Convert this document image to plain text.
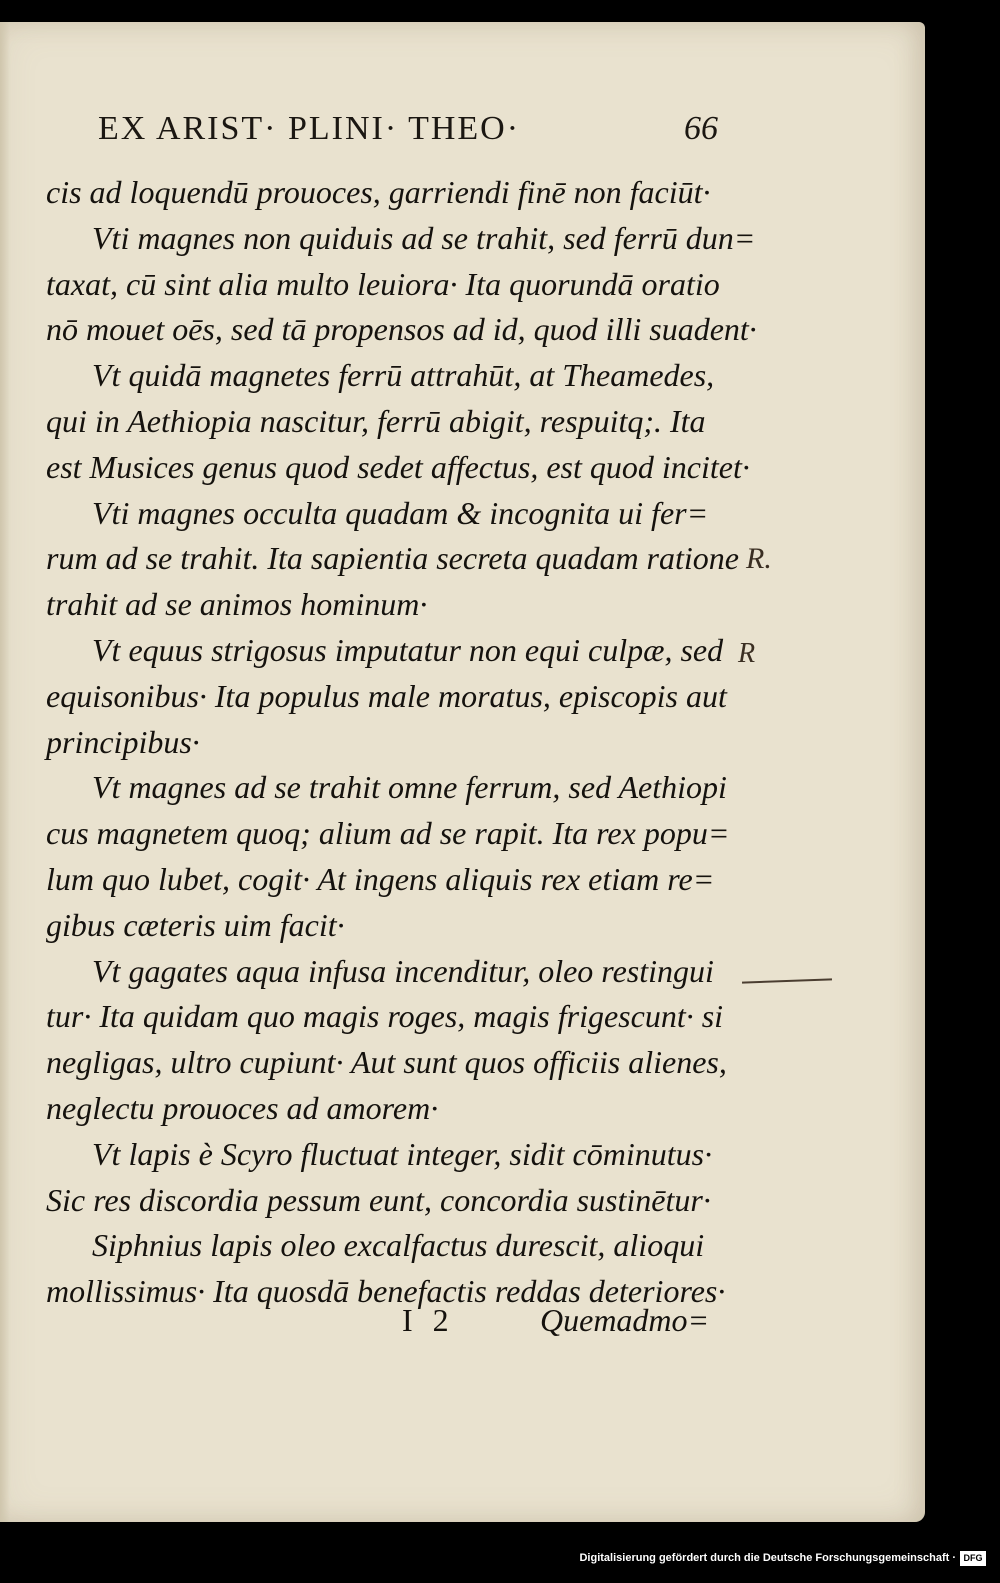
EX ARIST· PLINI· THEO·	66
cis ad loquendū prouoces, garriendi finē non faciūt·
Vti magnes non quiduis ad se trahit, sed ferrū dun=
taxat, cū sint alia multo leuiora· Ita quorundā oratio
nō mouet oēs, sed tā propensos ad id, quod illi suadent·
Vt quidā magnetes ferrū attrahūt, at Theamedes,
qui in Aethiopia nascitur, ferrū abigit, respuitq;. Ita
est Musices genus quod sedet affectus, est quod incitet·
Vti magnes occulta quadam & incognita ui fer=
rum ad se trahit. Ita sapientia secreta quadam ratione
trahit ad se animos hominum·
Vt equus strigosus imputatur non equi culpæ, sed
equisonibus· Ita populus male moratus, episcopis aut
principibus·
Vt magnes ad se trahit omne ferrum, sed Aethiopi
cus magnetem quoq; alium ad se rapit. Ita rex popu=
lum quo lubet, cogit· At ingens aliquis rex etiam re=
gibus cæteris uim facit·
Vt gagates aqua infusa incenditur, oleo restingui
tur· Ita quidam quo magis roges, magis frigescunt· si
negligas, ultro cupiunt· Aut sunt quos officiis alienes,
neglectu prouoces ad amorem·
Vt lapis è Scyro fluctuat integer, sidit cōminutus·
Sic res discordia pessum eunt, concordia sustinētur·
Siphnius lapis oleo excalfactus durescit, alioqui
mollissimus· Ita quosdā benefactis reddas deteriores·
I 2	Quemadmo=
R.
R
Digitalisierung gefördert durch die Deutsche Forschungsgemeinschaft · DFG
